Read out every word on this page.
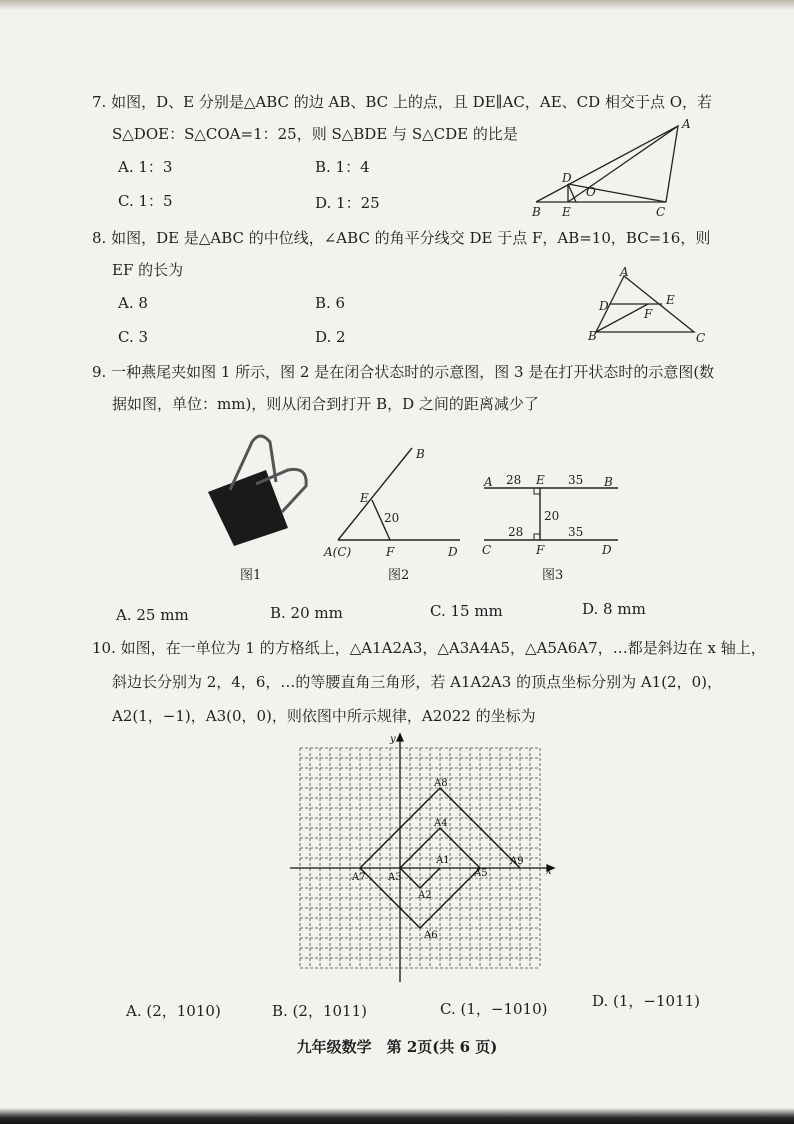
7. 如图，D、E 分别是△ABC 的边 AB、BC 上的点，且 DE∥AC，AE、CD 相交于点 O，若
S△DOE：S△COA=1：25，则 S△BDE 与 S△CDE 的比是
A. 1：3	B. 1：4
C. 1：5	D. 1：25
A
D
O
B E	C
8. 如图，DE 是△ABC 的中位线，∠ABC 的角平分线交 DE 于点 F，AB=10，BC=16，则
EF 的长为
A. 8	B. 6
C. 3	D. 2
A
D	E
F
B	C
9. 一种燕尾夹如图 1 所示，图 2 是在闭合状态时的示意图，图 3 是在打开状态时的示意图(数
据如图，单位：mm)，则从闭合到打开 B，D 之间的距离减少了
图1
B
E
20
A(C)	F	D
图2
A 28 E 35 B
20
C
28
F
35
D
图3
A. 25 mm	B. 20 mm	C. 15 mm	D. 8 mm
10. 如图，在一单位为 1 的方格纸上，△A1A2A3，△A3A4A5，△A5A6A7，…都是斜边在 x 轴上，
斜边长分别为 2，4，6，…的等腰直角三角形，若 A1A2A3 的顶点坐标分别为 A1(2，0)，
A2(1，−1)，A3(0，0)，则依图中所示规律，A2022 的坐标为
y
x
A8
A4
A1	A9
A7 A3	A5
A2
A6
A. (2，1010)	B. (2，1011)	C. (1，−1010)	D. (1，−1011)
九年级数学　第 2页(共 6 页)
